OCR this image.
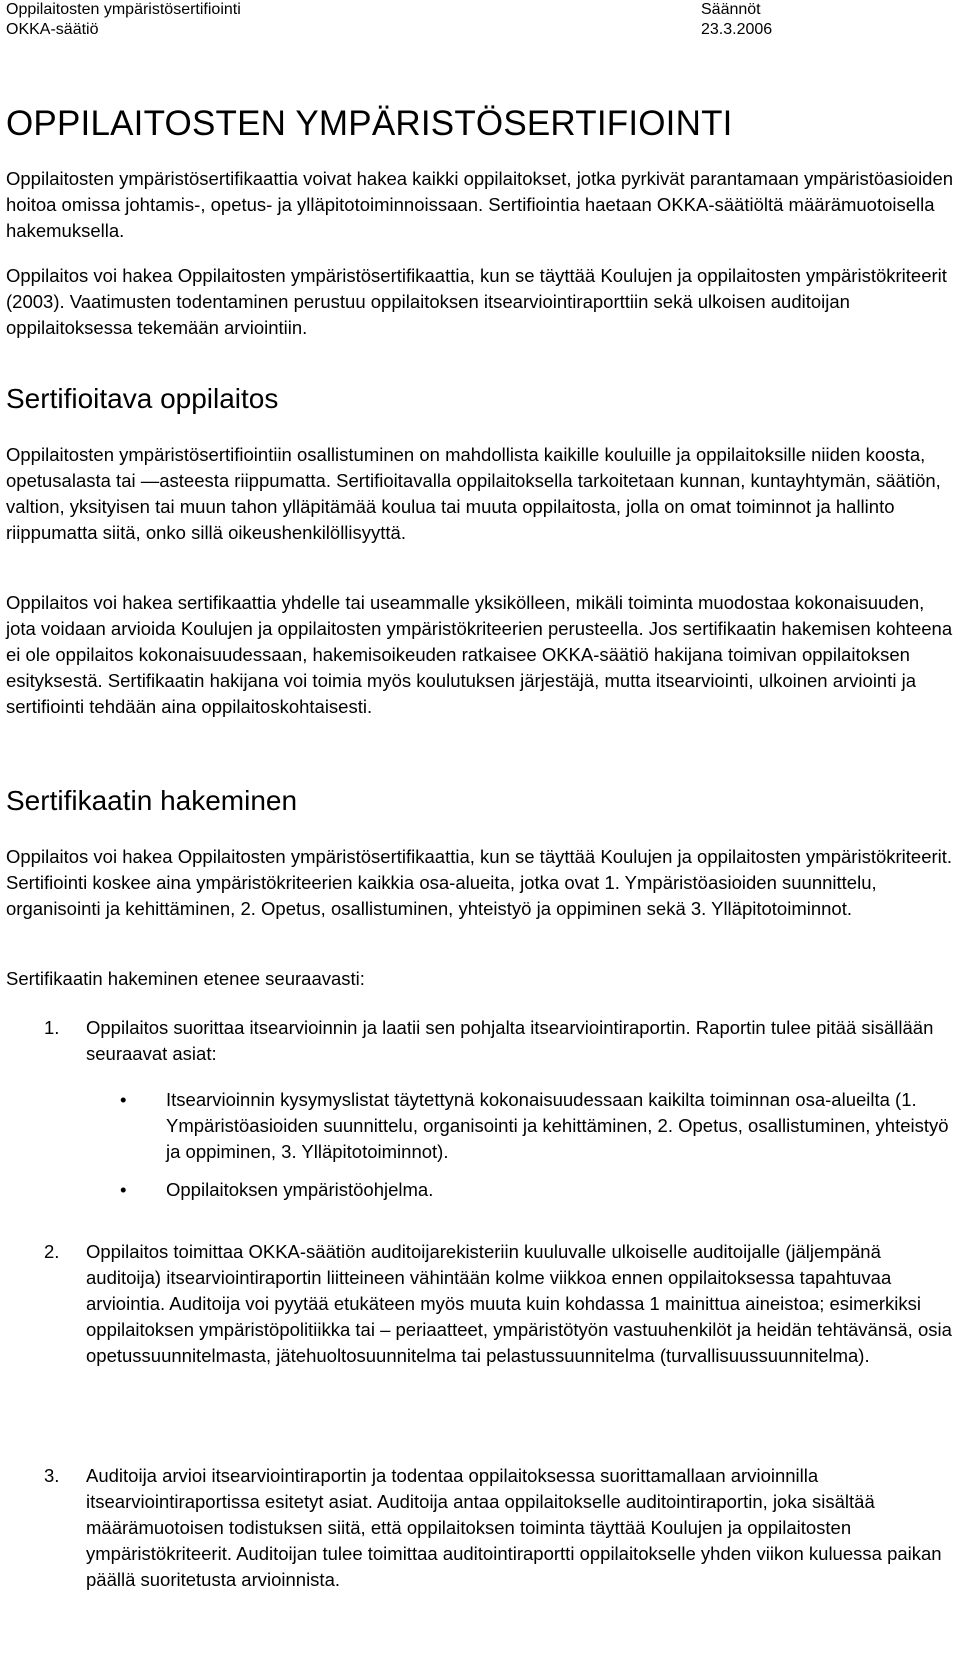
Oppilaitosten ympäristösertifiointi
OKKA-säätiö
Säännöt
23.3.2006
OPPILAITOSTEN YMPÄRISTÖSERTIFIOINTI

Oppilaitosten ympäristösertifikaattia voivat hakea kaikki oppilaitokset, jotka pyrkivät parantamaan ympäristöasioiden hoitoa omissa johtamis-, opetus- ja ylläpitotoiminnoissaan. Sertifiointia haetaan OKKA-säätiöltä määrämuotoisella hakemuksella.

Oppilaitos voi hakea Oppilaitosten ympäristösertifikaattia, kun se täyttää Koulujen ja oppilaitosten ympäristökriteerit (2003). Vaatimusten todentaminen perustuu oppilaitoksen itsearviointiraporttiin sekä ulkoisen auditoijan oppilaitoksessa tekemään arviointiin.

Sertifioitava oppilaitos

Oppilaitosten ympäristösertifiointiin osallistuminen on mahdollista kaikille kouluille ja oppilaitoksille niiden koosta, opetusalasta tai —asteesta riippumatta. Sertifioitavalla oppilaitoksella tarkoitetaan kunnan, kuntayhtymän, säätiön, valtion, yksityisen tai muun tahon ylläpitämää koulua tai muuta oppilaitosta, jolla on omat toiminnot ja hallinto riippumatta siitä, onko sillä oikeushenkilöllisyyttä.

Oppilaitos voi hakea sertifikaattia yhdelle tai useammalle yksikölleen, mikäli toiminta muodostaa kokonaisuuden, jota voidaan arvioida Koulujen ja oppilaitosten ympäristökriteerien perusteella. Jos sertifikaatin hakemisen kohteena ei ole oppilaitos kokonaisuudessaan, hakemisoikeuden ratkaisee OKKA-säätiö hakijana toimivan oppilaitoksen esityksestä. Sertifikaatin hakijana voi toimia myös koulutuksen järjestäjä, mutta itsearviointi, ulkoinen arviointi ja sertifiointi tehdään aina oppilaitoskohtaisesti.

Sertifikaatin hakeminen

Oppilaitos voi hakea Oppilaitosten ympäristösertifikaattia, kun se täyttää Koulujen ja oppilaitosten ympäristökriteerit. Sertifiointi koskee aina ympäristökriteerien kaikkia osa-alueita, jotka ovat 1. Ympäristöasioiden suunnittelu, organisointi ja kehittäminen, 2. Opetus, osallistuminen, yhteistyö ja oppiminen sekä 3. Ylläpitotoiminnot.

Sertifikaatin hakeminen etenee seuraavasti:

1. Oppilaitos suorittaa itsearvioinnin ja laatii sen pohjalta itsearviointiraportin. Raportin tulee pitää sisällään seuraavat asiat:
• Itsearvioinnin kysymyslistat täytettynä kokonaisuudessaan kaikilta toiminnan osa-alueilta (1. Ympäristöasioiden suunnittelu, organisointi ja kehittäminen, 2. Opetus, osallistuminen, yhteistyö ja oppiminen, 3. Ylläpitotoiminnot).
• Oppilaitoksen ympäristöohjelma.
2. Oppilaitos toimittaa OKKA-säätiön auditoijarekisteriin kuuluvalle ulkoiselle auditoijalle (jäljempänä auditoija) itsearviointiraportin liitteineen vähintään kolme viikkoa ennen oppilaitoksessa tapahtuvaa arviointia. Auditoija voi pyytää etukäteen myös muuta kuin kohdassa 1 mainittua aineistoa; esimerkiksi oppilaitoksen ympäristöpolitiikka tai – periaatteet, ympäristötyön vastuuhenkilöt ja heidän tehtävänsä, osia opetussuunnitelmasta, jätehuoltosuunnitelma tai pelastussuunnitelma (turvallisuussuunnitelma).
3. Auditoija arvioi itsearviointiraportin ja todentaa oppilaitoksessa suorittamallaan arvioinnilla itsearviointiraportissa esitetyt asiat. Auditoija antaa oppilaitokselle auditointiraportin, joka sisältää määrämuotoisen todistuksen siitä, että oppilaitoksen toiminta täyttää Koulujen ja oppilaitosten ympäristökriteerit. Auditoijan tulee toimittaa auditointiraportti oppilaitokselle yhden viikon kuluessa paikan päällä suoritetusta arvioinnista.
